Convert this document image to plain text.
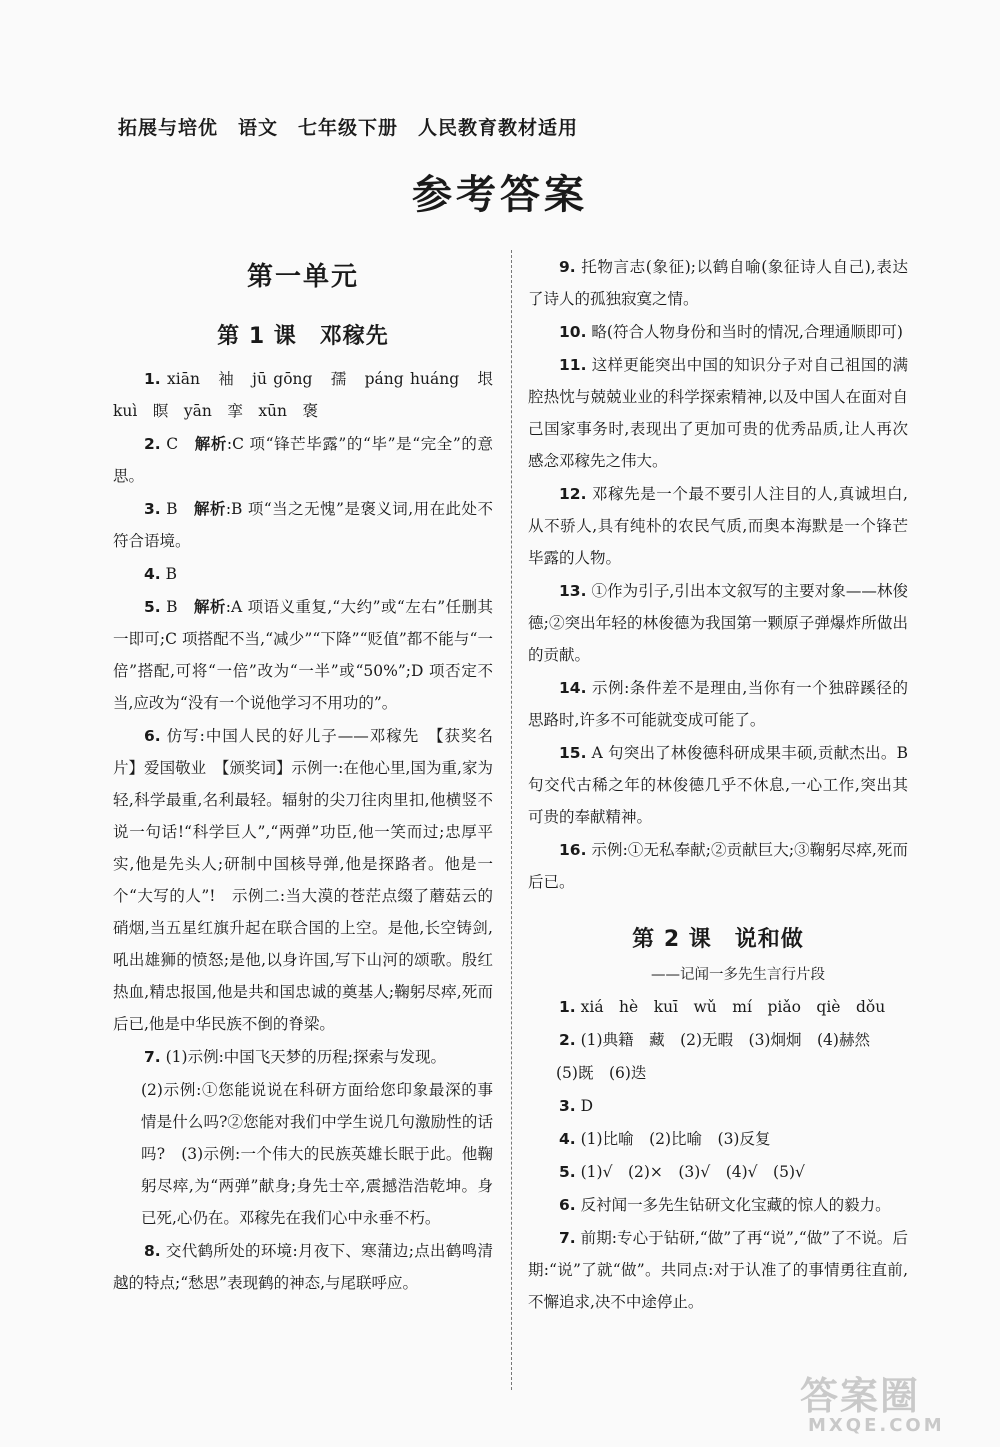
拓展与培优　语文　七年级下册　人民教育教材适用
参考答案
第一单元
第 1 课　邓稼先

1. xiān　袖　jū gōng　孺　páng huáng　垠　kuì　瞑　yān　挛　xūn　褒

2. C　解析:C 项“锋芒毕露”的“毕”是“完全”的意思。

3. B　解析:B 项“当之无愧”是褒义词,用在此处不符合语境。

4. B

5. B　解析:A 项语义重复,“大约”或“左右”任删其一即可;C 项搭配不当,“减少”“下降”“贬值”都不能与“一倍”搭配,可将“一倍”改为“一半”或“50%”;D 项否定不当,应改为“没有一个说他学习不用功的”。

6. 仿写:中国人民的好儿子——邓稼先　【获奖名片】爱国敬业　【颁奖词】示例一:在他心里,国为重,家为轻,科学最重,名利最轻。辐射的尖刀往肉里扣,他横竖不说一句话!“科学巨人”,“两弹”功臣,他一笑而过;忠厚平实,他是先头人;研制中国核导弹,他是探路者。他是一个“大写的人”!　示例二:当大漠的苍茫点缀了蘑菇云的硝烟,当五星红旗升起在联合国的上空。是他,长空铸剑,吼出雄狮的愤怒;是他,以身许国,写下山河的颂歌。殷红热血,精忠报国,他是共和国忠诚的奠基人;鞠躬尽瘁,死而后已,他是中华民族不倒的脊梁。

7. (1)示例:中国飞天梦的历程;探索与发现。

(2)示例:①您能说说在科研方面给您印象最深的事情是什么吗?②您能对我们中学生说几句激励性的话吗?　(3)示例:一个伟大的民族英雄长眠于此。他鞠躬尽瘁,为“两弹”献身;身先士卒,震撼浩浩乾坤。身已死,心仍在。邓稼先在我们心中永垂不朽。

8. 交代鹤所处的环境:月夜下、寒蒲边;点出鹤鸣清越的特点;“愁思”表现鹤的神态,与尾联呼应。

9. 托物言志(象征);以鹤自喻(象征诗人自己),表达了诗人的孤独寂寞之情。

10. 略(符合人物身份和当时的情况,合理通顺即可)

11. 这样更能突出中国的知识分子对自己祖国的满腔热忱与兢兢业业的科学探索精神,以及中国人在面对自己国家事务时,表现出了更加可贵的优秀品质,让人再次感念邓稼先之伟大。

12. 邓稼先是一个最不要引人注目的人,真诚坦白,从不骄人,具有纯朴的农民气质,而奥本海默是一个锋芒毕露的人物。

13. ①作为引子,引出本文叙写的主要对象——林俊德;②突出年轻的林俊德为我国第一颗原子弹爆炸所做出的贡献。

14. 示例:条件差不是理由,当你有一个独辟蹊径的思路时,许多不可能就变成可能了。

15. A 句突出了林俊德科研成果丰硕,贡献杰出。B 句交代古稀之年的林俊德几乎不休息,一心工作,突出其可贵的奉献精神。

16. 示例:①无私奉献;②贡献巨大;③鞠躬尽瘁,死而后已。

第 2 课　说和做
——记闻一多先生言行片段

1. xiá　hè　kuī　wǔ　mí　piǎo　qiè　dǒu

2. (1)典籍　藏　(2)无暇　(3)炯炯　(4)赫然

(5)既　(6)迭

3. D

4. (1)比喻　(2)比喻　(3)反复

5. (1)√　(2)×　(3)√　(4)√　(5)√

6. 反衬闻一多先生钻研文化宝藏的惊人的毅力。

7. 前期:专心于钻研,“做”了再“说”,“做”了不说。后期:“说”了就“做”。共同点:对于认准了的事情勇往直前,不懈追求,决不中途停止。

答案圈
MXQE.COM
